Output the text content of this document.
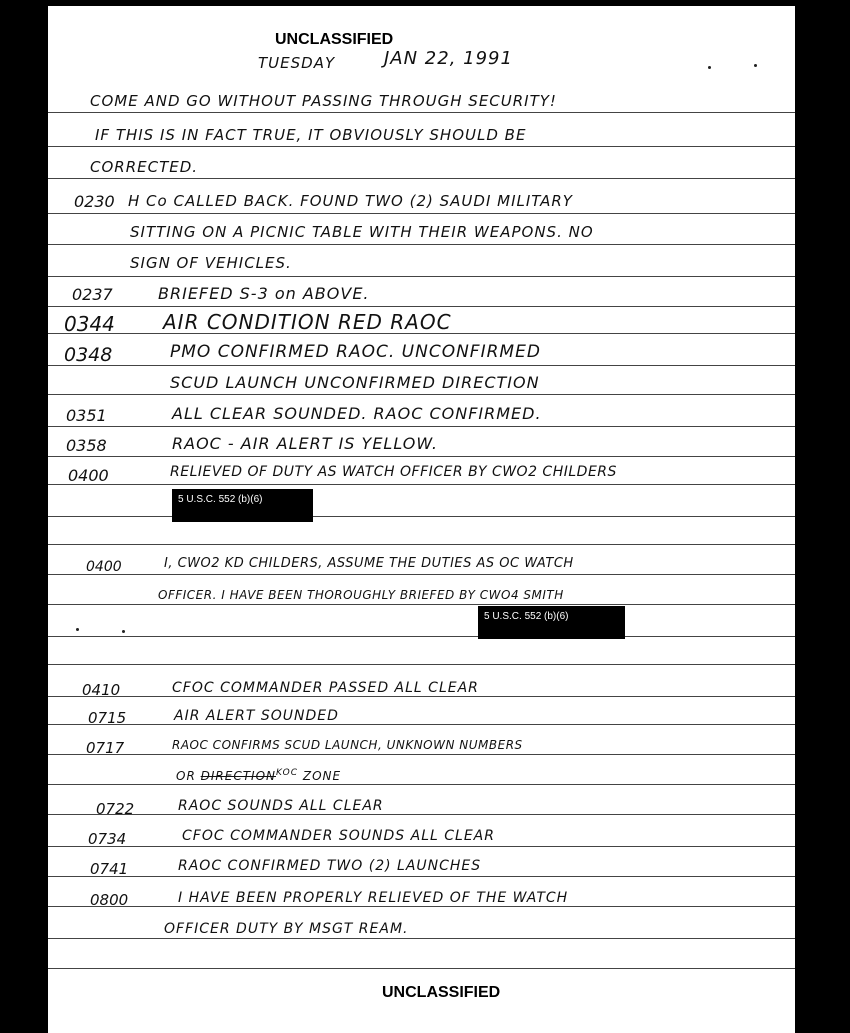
UNCLASSIFIED
TUESDAY	JAN 22, 1991
COME AND GO WITHOUT PASSING THROUGH SECURITY!
IF THIS IS IN FACT TRUE, IT OBVIOUSLY SHOULD BE
CORRECTED.
0230 H Co CALLED BACK. FOUND TWO (2) SAUDI MILITARY
SITTING ON A PICNIC TABLE WITH THEIR WEAPONS. NO
SIGN OF VEHICLES.
0237	BRIEFED S-3 on ABOVE.
0344 AIR CONDITION RED RAOC
0348	PMO CONFIRMED RAOC. UNCONFIRMED
SCUD LAUNCH UNCONFIRMED DIRECTION
0351	ALL CLEAR SOUNDED. RAOC CONFIRMED.
0358	RAOC - AIR ALERT IS YELLOW.
0400	RELIEVED OF DUTY AS WATCH OFFICER BY CWO2 CHILDERS
5 U.S.C. 552 (b)(6)
0400	I, CWO2 KD CHILDERS, ASSUME THE DUTIES AS OC WATCH
OFFICER. I HAVE BEEN THOROUGHLY BRIEFED BY CWO4 SMITH
5 U.S.C. 552 (b)(6)
0410	CFOC COMMANDER PASSED ALL CLEAR
0715	AIR ALERT SOUNDED
0717	RAOC CONFIRMS SCUD LAUNCH, UNKNOWN NUMBERS
OR $DIRECTION^{KOC}$ ZONE
0722	RAOC SOUNDS ALL CLEAR
0734	CFOC COMMANDER SOUNDS ALL CLEAR
0741	RAOC CONFIRMED TWO (2) LAUNCHES
0800	I HAVE BEEN PROPERLY RELIEVED OF THE WATCH
OFFICER DUTY BY MSGT REAM.
UNCLASSIFIED
